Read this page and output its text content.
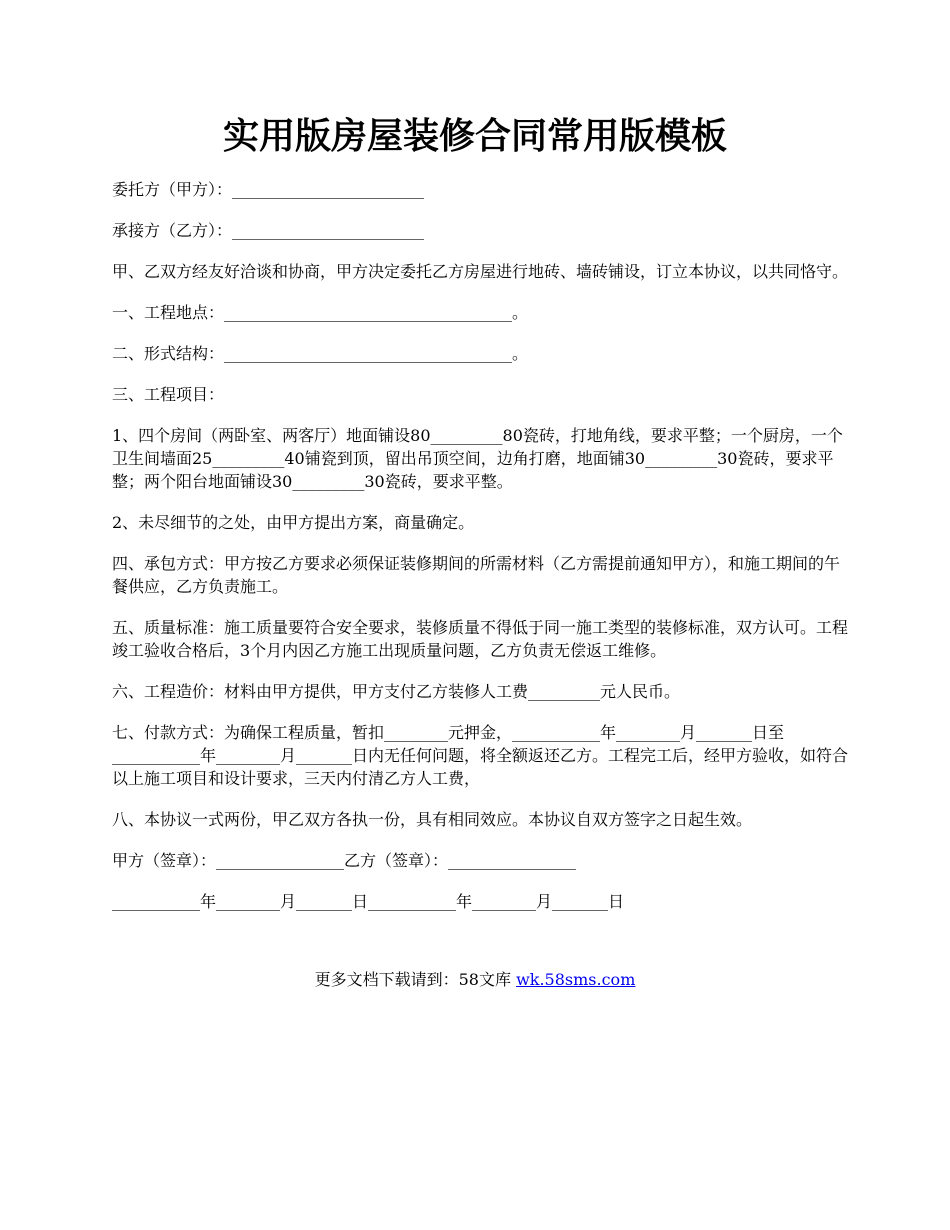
实用版房屋装修合同常用版模板

委托方（甲方）：________________________

承接方（乙方）：________________________

甲、乙双方经友好洽谈和协商，甲方决定委托乙方房屋进行地砖、墙砖铺设，订立本协议，以共同恪守。

一、工程地点：____________________________________。

二、形式结构：____________________________________。

三、工程项目：

1、四个房间（两卧室、两客厅）地面铺设80_________80瓷砖，打地角线，要求平整；一个厨房，一个卫生间墙面25_________40铺瓷到顶，留出吊顶空间，边角打磨，地面铺30_________30瓷砖，要求平整；两个阳台地面铺设30_________30瓷砖，要求平整。

2、未尽细节的之处，由甲方提出方案，商量确定。

四、承包方式：甲方按乙方要求必须保证装修期间的所需材料（乙方需提前通知甲方），和施工期间的午餐供应，乙方负责施工。

五、质量标准：施工质量要符合安全要求，装修质量不得低于同一施工类型的装修标准，双方认可。工程竣工验收合格后，3个月内因乙方施工出现质量问题，乙方负责无偿返工维修。

六、工程造价：材料由甲方提供，甲方支付乙方装修人工费_________元人民币。

七、付款方式：为确保工程质量，暂扣________元押金，___________年________月_______日至___________年________月_______日内无任何问题，将全额返还乙方。工程完工后，经甲方验收，如符合以上施工项目和设计要求，三天内付清乙方人工费，

八、本协议一式两份，甲乙双方各执一份，具有相同效应。本协议自双方签字之日起生效。

甲方（签章）：________________乙方（签章）：________________

___________年________月_______日___________年________月_______日

更多文档下载请到：58文库 wk.58sms.com
